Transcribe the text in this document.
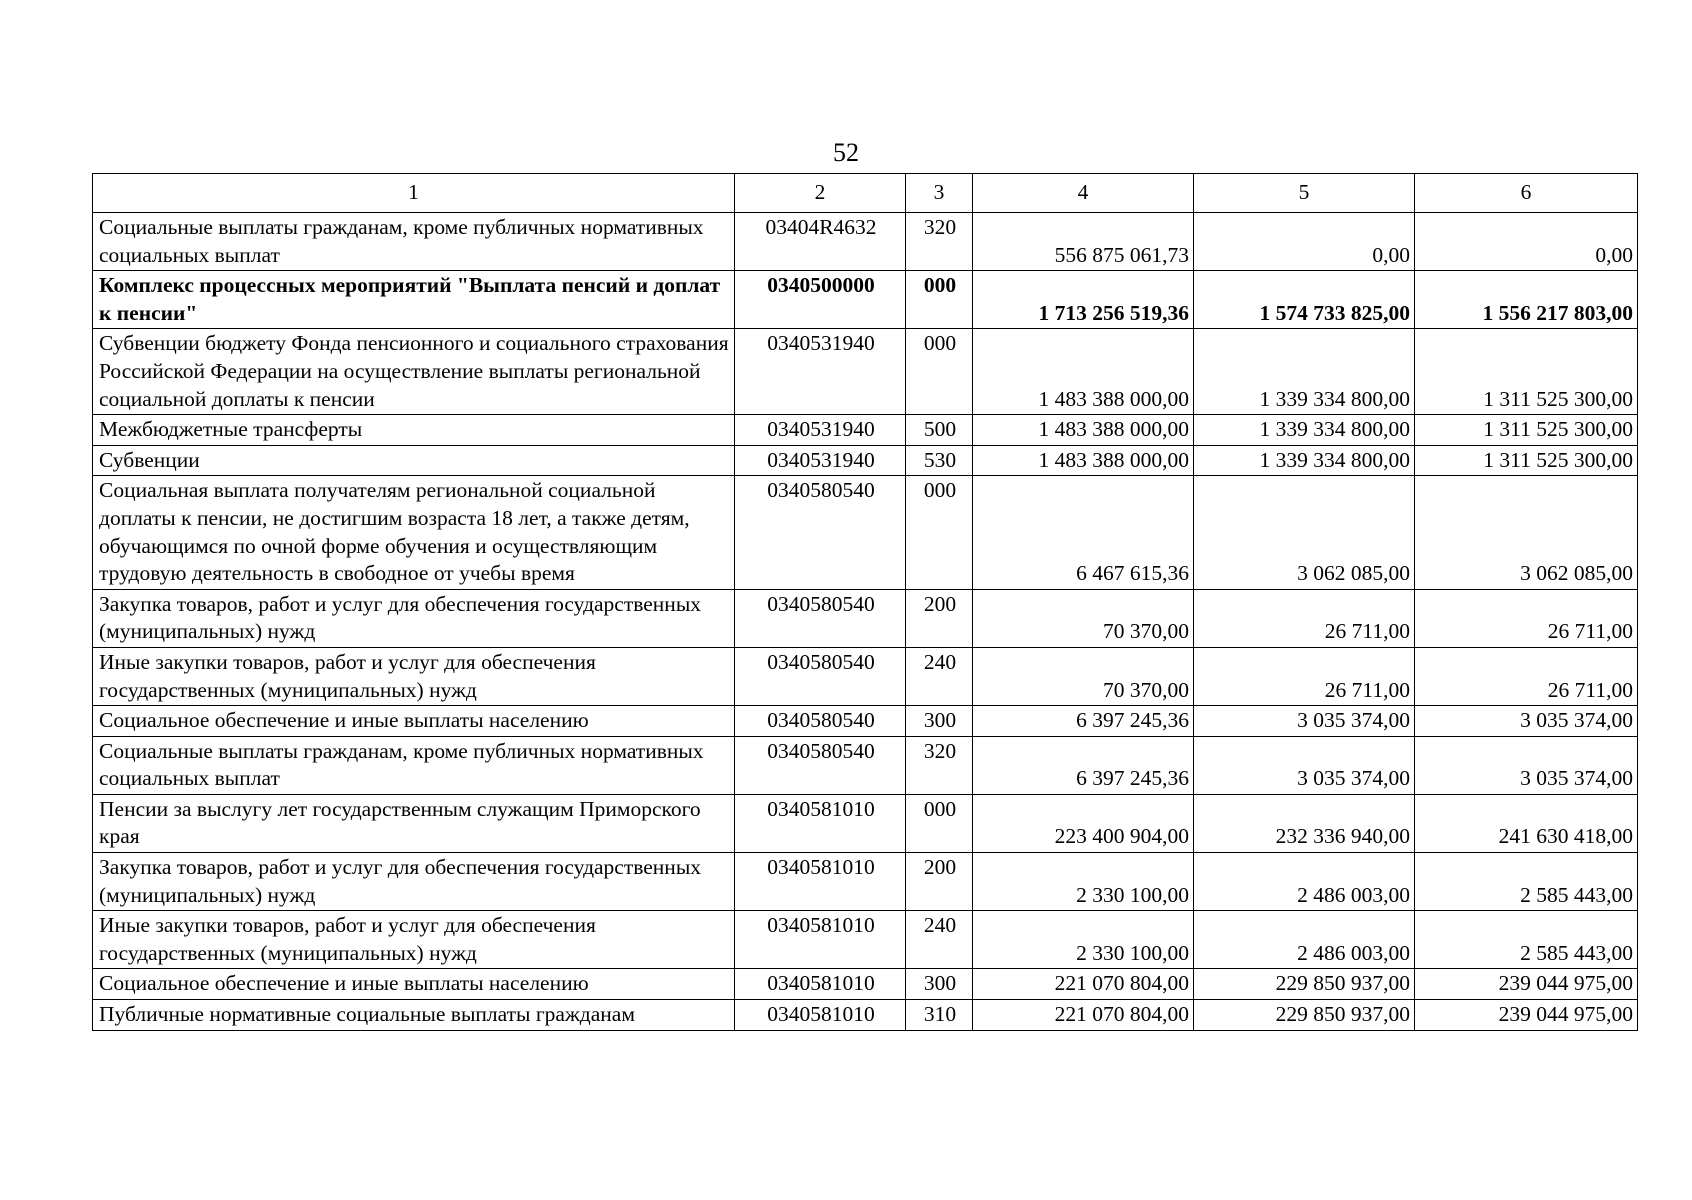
52
1	2	3	4	5	6
Социальные выплаты гражданам, кроме публичных нормативных социальных выплат	03404R4632	320	556 875 061,73	0,00	0,00
Комплекс процессных мероприятий "Выплата пенсий и доплат к пенсии"	0340500000	000	1 713 256 519,36	1 574 733 825,00	1 556 217 803,00
Субвенции бюджету Фонда пенсионного и социального страхования Российской Федерации на осуществление выплаты региональной социальной доплаты к пенсии	0340531940	000	1 483 388 000,00	1 339 334 800,00	1 311 525 300,00
Межбюджетные трансферты	0340531940	500	1 483 388 000,00	1 339 334 800,00	1 311 525 300,00
Субвенции	0340531940	530	1 483 388 000,00	1 339 334 800,00	1 311 525 300,00
Социальная выплата получателям региональной социальной доплаты к пенсии, не достигшим возраста 18 лет, а также детям, обучающимся по очной форме обучения и осуществляющим трудовую деятельность в свободное от учебы время	0340580540	000	6 467 615,36	3 062 085,00	3 062 085,00
Закупка товаров, работ и услуг для обеспечения государственных (муниципальных) нужд	0340580540	200	70 370,00	26 711,00	26 711,00
Иные закупки товаров, работ и услуг для обеспечения государственных (муниципальных) нужд	0340580540	240	70 370,00	26 711,00	26 711,00
Социальное обеспечение и иные выплаты населению	0340580540	300	6 397 245,36	3 035 374,00	3 035 374,00
Социальные выплаты гражданам, кроме публичных нормативных социальных выплат	0340580540	320	6 397 245,36	3 035 374,00	3 035 374,00
Пенсии за выслугу лет государственным служащим Приморского края	0340581010	000	223 400 904,00	232 336 940,00	241 630 418,00
Закупка товаров, работ и услуг для обеспечения государственных (муниципальных) нужд	0340581010	200	2 330 100,00	2 486 003,00	2 585 443,00
Иные закупки товаров, работ и услуг для обеспечения государственных (муниципальных) нужд	0340581010	240	2 330 100,00	2 486 003,00	2 585 443,00
Социальное обеспечение и иные выплаты населению	0340581010	300	221 070 804,00	229 850 937,00	239 044 975,00
Публичные нормативные социальные выплаты гражданам	0340581010	310	221 070 804,00	229 850 937,00	239 044 975,00
